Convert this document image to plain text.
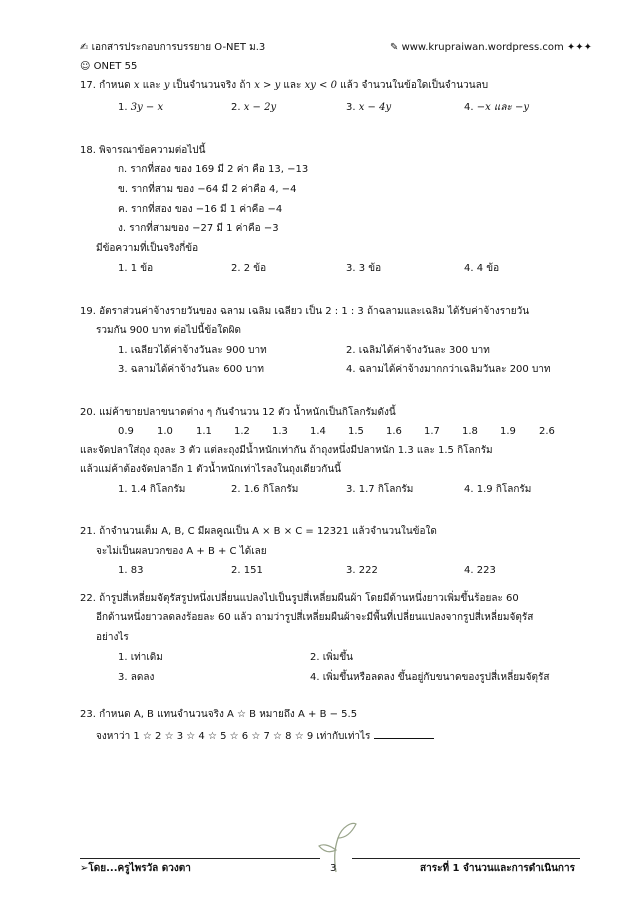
✍ เอกสารประกอบการบรรยาย O-NET ม.3	✎ www.krupraiwan.wordpress.com ✦✦✦
☺ ONET 55
17. กำหนด x และ y เป็นจำนวนจริง ถ้า x > y และ xy < 0 แล้ว จำนวนในข้อใดเป็นจำนวนลบ
1. 3y − x	2. x − 2y	3. x − 4y	4. −x และ −y
18. พิจารณาข้อความต่อไปนี้
ก. รากที่สอง ของ 169 มี 2 ค่า คือ 13, −13
ข. รากที่สาม ของ −64 มี 2 ค่าคือ 4, −4
ค. รากที่สอง ของ −16 มี 1 ค่าคือ −4
ง. รากที่สามของ −27 มี 1 ค่าคือ −3
มีข้อความที่เป็นจริงกี่ข้อ
1. 1 ข้อ	2. 2 ข้อ	3. 3 ข้อ	4. 4 ข้อ
19. อัตราส่วนค่าจ้างรายวันของ ฉลาม เฉลิม เฉลียว เป็น 2 : 1 : 3 ถ้าฉลามและเฉลิม ได้รับค่าจ้างรายวัน
รวมกัน 900 บาท ต่อไปนี้ข้อใดผิด
1. เฉลียวได้ค่าจ้างวันละ 900 บาท	2. เฉลิมได้ค่าจ้างวันละ 300 บาท
3. ฉลามได้ค่าจ้างวันละ 600 บาท	4. ฉลามได้ค่าจ้างมากกว่าเฉลิมวันละ 200 บาท
20. แม่ค้าขายปลาขนาดต่าง ๆ กันจำนวน 12 ตัว น้ำหนักเป็นกิโลกรัมดังนี้
0.9 1.0 1.1 1.2 1.3 1.4 1.5 1.6 1.7 1.8 1.9 2.6
และจัดปลาใส่ถุง ถุงละ 3 ตัว แต่ละถุงมีน้ำหนักเท่ากัน ถ้าถุงหนึ่งมีปลาหนัก 1.3 และ 1.5 กิโลกรัม
แล้วแม่ค้าต้องจัดปลาอีก 1 ตัวน้ำหนักเท่าไรลงในถุงเดียวกันนี้
1. 1.4 กิโลกรัม	2. 1.6 กิโลกรัม	3. 1.7 กิโลกรัม	4. 1.9 กิโลกรัม
21. ถ้าจำนวนเต็ม A, B, C มีผลคูณเป็น A × B × C = 12321 แล้วจำนวนในข้อใด
จะไม่เป็นผลบวกของ A + B + C ได้เลย
1. 83	2. 151	3. 222	4. 223
22. ถ้ารูปสี่เหลี่ยมจัตุรัสรูปหนึ่งเปลี่ยนแปลงไปเป็นรูปสี่เหลี่ยมผืนผ้า โดยมีด้านหนึ่งยาวเพิ่มขึ้นร้อยละ 60
อีกด้านหนึ่งยาวลดลงร้อยละ 60 แล้ว ถามว่ารูปสี่เหลี่ยมผืนผ้าจะมีพื้นที่เปลี่ยนแปลงจากรูปสี่เหลี่ยมจัตุรัส
อย่างไร
1. เท่าเดิม	2. เพิ่มขึ้น
3. ลดลง	4. เพิ่มขึ้นหรือลดลง ขึ้นอยู่กับขนาดของรูปสี่เหลี่ยมจัตุรัส
23. กำหนด A, B แทนจำนวนจริง A ☆ B หมายถึง A + B − 5.5
จงหาว่า 1 ☆ 2 ☆ 3 ☆ 4 ☆ 5 ☆ 6 ☆ 7 ☆ 8 ☆ 9 เท่ากับเท่าไร
➢โดย...ครูไพรวัล ดวงตา	3	สาระที่ 1 จำนวนและการดำเนินการ
